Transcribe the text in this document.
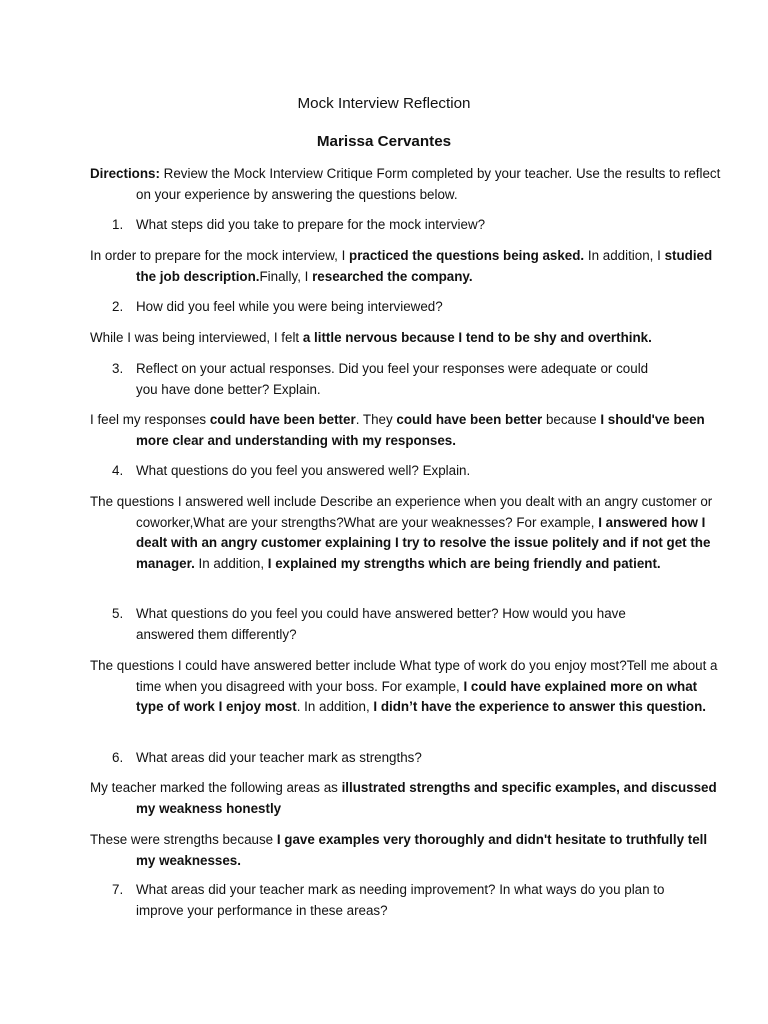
Mock Interview Reflection
Marissa Cervantes

Directions: Review the Mock Interview Critique Form completed by your teacher. Use the results to reflect on your experience by answering the questions below.

1. What steps did you take to prepare for the mock interview?

In order to prepare for the mock interview, I practiced the questions being asked. In addition, I studied the job description.Finally, I researched the company.

2. How did you feel while you were being interviewed?

While I was being interviewed, I felt a little nervous because I tend to be shy and overthink.

3. Reflect on your actual responses. Did you feel your responses were adequate or could you have done better? Explain.

I feel my responses could have been better. They could have been better because I should've been more clear and understanding with my responses.

4. What questions do you feel you answered well? Explain.

The questions I answered well include Describe an experience when you dealt with an angry customer or coworker,What are your strengths?What are your weaknesses? For example, I answered how I dealt with an angry customer explaining I try to resolve the issue politely and if not get the manager. In addition, I explained my strengths which are being friendly and patient.

5. What questions do you feel you could have answered better? How would you have answered them differently?

The questions I could have answered better include What type of work do you enjoy most?Tell me about a time when you disagreed with your boss. For example, I could have explained more on what type of work I enjoy most. In addition, I didn’t have the experience to answer this question.

6. What areas did your teacher mark as strengths?

My teacher marked the following areas as illustrated strengths and specific examples, and discussed my weakness honestly

These were strengths because I gave examples very thoroughly and didn't hesitate to truthfully tell my weaknesses.

7. What areas did your teacher mark as needing improvement? In what ways do you plan to improve your performance in these areas?
